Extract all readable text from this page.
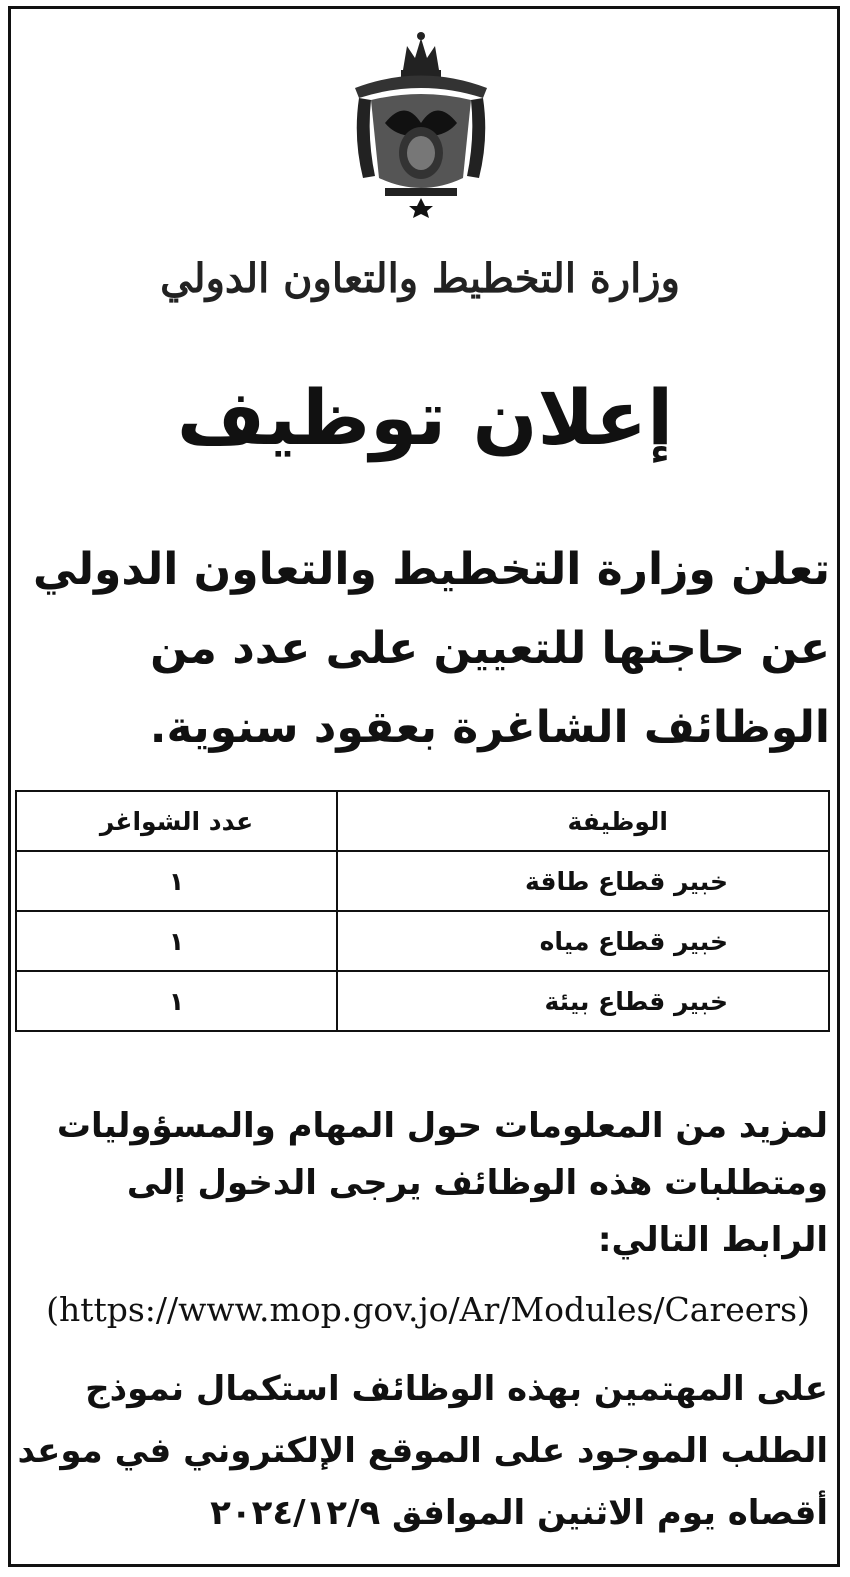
وزارة التخطيط والتعاون الدولي
إعلان توظيف
تعلن وزارة التخطيط والتعاون الدولي
عن حاجتها للتعيين على عدد من
الوظائف الشاغرة بعقود سنوية.
الوظيفة	عدد الشواغر
خبير قطاع طاقة	١
خبير قطاع مياه	١
خبير قطاع بيئة	١
لمزيد من المعلومات حول المهام والمسؤوليات
ومتطلبات هذه الوظائف يرجى الدخول إلى
الرابط التالي:
(https://www.mop.gov.jo/Ar/Modules/Careers)
على المهتمين بهذه الوظائف استكمال نموذج
الطلب الموجود على الموقع الإلكتروني في موعد
أقصاه يوم الاثنين الموافق ٢٠٢٤/١٢/٩
